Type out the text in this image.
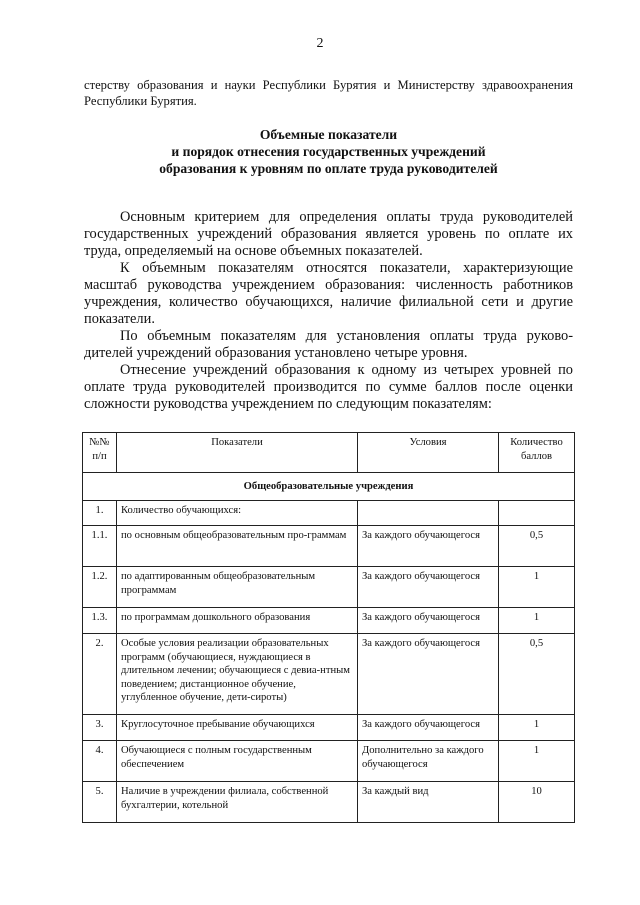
2
стерству образования и науки Республики Бурятия и Министерству здравоохранения
Республики Бурятия.
Объемные показатели
и порядок отнесения государственных учреждений
образования к уровням по оплате труда руководителей

Основным критерием для определения оплаты труда руководителей государственных учреждений образования является уровень по оплате их труда, определяемый на основе объемных показателей.

К объемным показателям относятся показатели, характеризующие масштаб руководства учреждением образования: численность работников учреждения, количество обучающихся, наличие филиальной сети и другие показатели.

По объемным показателям для установления оплаты труда руково-дителей учреждений образования установлено четыре уровня.

Отнесение учреждений образования к одному из четырех уровней по оплате труда руководителей производится по сумме баллов после оценки сложности руководства учреждением по следующим показателям:

№№ п/п	Показатели	Условия	Количество баллов
Общеобразовательные учреждения			
1.	Количество обучающихся:		
1.1.	по основным общеобразовательным про-граммам	За каждого обучающегося	0,5
1.2.	по адаптированным общеобразовательным программам	За каждого обучающегося	1
1.3.	по программам дошкольного образования	За каждого обучающегося	1
2.	Особые условия реализации образовательных программ (обучающиеся, нуждающиеся в длительном лечении; обучающиеся с девиа-нтным поведением; дистанционное обучение, углубленное обучение, дети-сироты)	За каждого обучающегося	0,5
3.	Круглосуточное пребывание обучающихся	За каждого обучающегося	1
4.	Обучающиеся с полным государственным обеспечением	Дополнительно за каждого обучающегося	1
5.	Наличие в учреждении филиала, собственной бухгалтерии, котельной	За каждый вид	10
